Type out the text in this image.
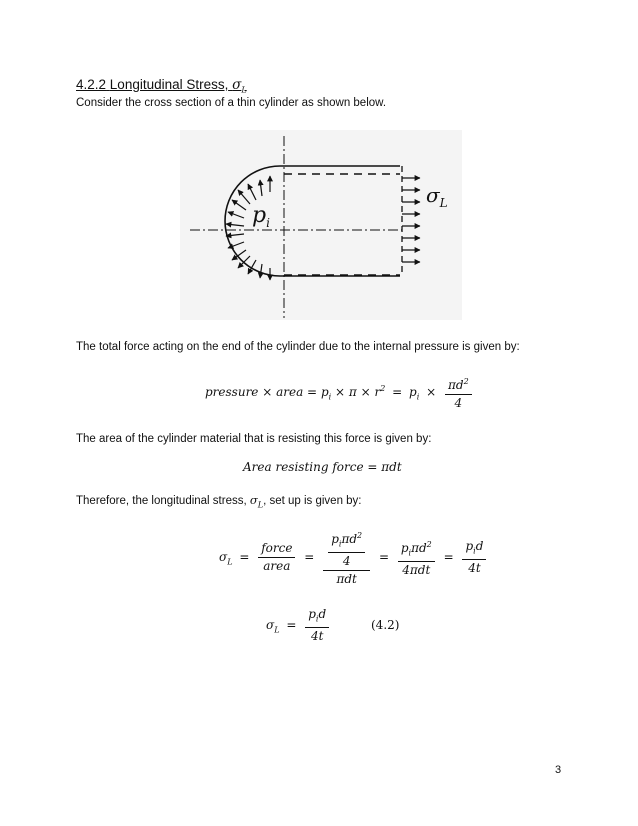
4.2.2 Longitudinal Stress, $\sigma_L$
Consider the cross section of a thin cylinder as shown below.
$p_i$
$\sigma_L$
The total force acting on the end of the cylinder due to the internal pressure is given by:
pressure × area = $p_i \times \pi \times r^2 = p_i \times \frac{\pi d^2}{4}$
The area of the cylinder material that is resisting this force is given by:
Area resisting force = πdt
Therefore, the longitudinal stress, $\sigma_L$, set up is given by:
$\sigma_L = \frac{\text{force}}{\text{area}} = \frac{\frac{p_i\pi d^2}{4}}{\text{πdt}} = \frac{p_i\pi d^2}{\text{4πdt}} = \frac{p_id}{4t}$
$\sigma_L = \frac{p_id}{4t}$	(4.2)
3
